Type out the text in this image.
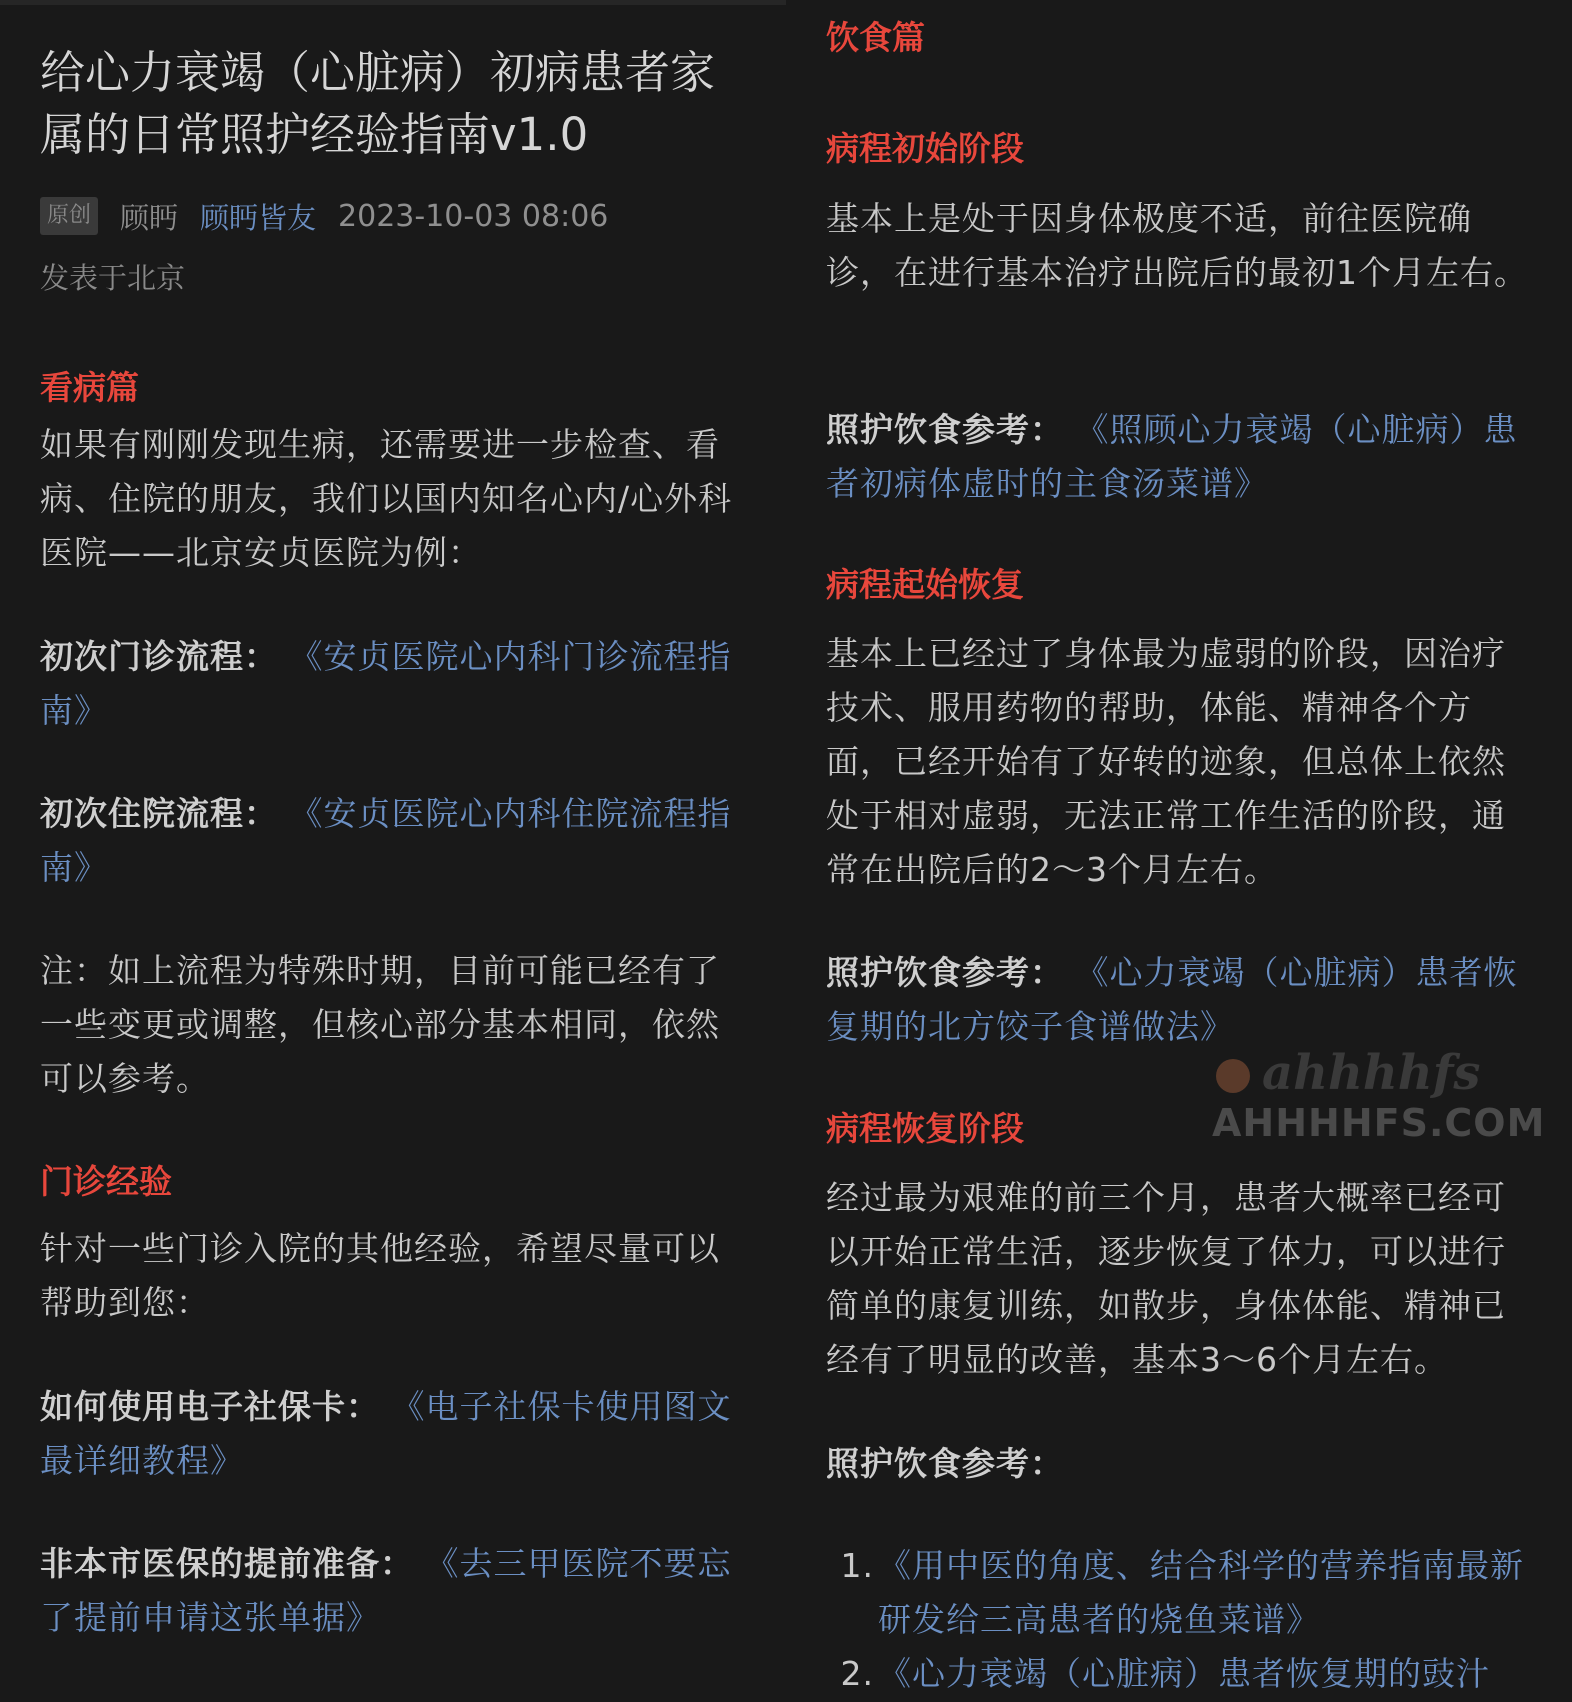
给心力衰竭（心脏病）初病患者家属的日常照护经验指南v1.0
原创 顾眄 顾眄皆友 2023-10-03 08:06
发表于北京
看病篇
如果有刚刚发现生病，还需要进一步检查、看病、住院的朋友，我们以国内知名心内/心外科医院——北京安贞医院为例：
初次门诊流程： 《安贞医院心内科门诊流程指南》
初次住院流程： 《安贞医院心内科住院流程指南》
注：如上流程为特殊时期，目前可能已经有了一些变更或调整，但核心部分基本相同，依然可以参考。
门诊经验
针对一些门诊入院的其他经验，希望尽量可以帮助到您：
如何使用电子社保卡： 《电子社保卡使用图文最详细教程》
非本市医保的提前准备： 《去三甲医院不要忘了提前申请这张单据》
饮食篇
病程初始阶段
基本上是处于因身体极度不适，前往医院确诊，在进行基本治疗出院后的最初1个月左右。
照护饮食参考： 《照顾心力衰竭（心脏病）患者初病体虚时的主食汤菜谱》
病程起始恢复
基本上已经过了身体最为虚弱的阶段，因治疗技术、服用药物的帮助，体能、精神各个方面，已经开始有了好转的迹象，但总体上依然处于相对虚弱，无法正常工作生活的阶段，通常在出院后的2～3个月左右。
照护饮食参考： 《心力衰竭（心脏病）患者恢复期的北方饺子食谱做法》
病程恢复阶段
经过最为艰难的前三个月，患者大概率已经可以开始正常生活，逐步恢复了体力，可以进行简单的康复训练，如散步，身体体能、精神已经有了明显的改善，基本3～6个月左右。
照护饮食参考：
1. 《用中医的角度、结合科学的营养指南最新研发给三高患者的烧鱼菜谱》
2. 《心力衰竭（心脏病）患者恢复期的豉汁
ahhhhfs
AHHHHFS.COM
